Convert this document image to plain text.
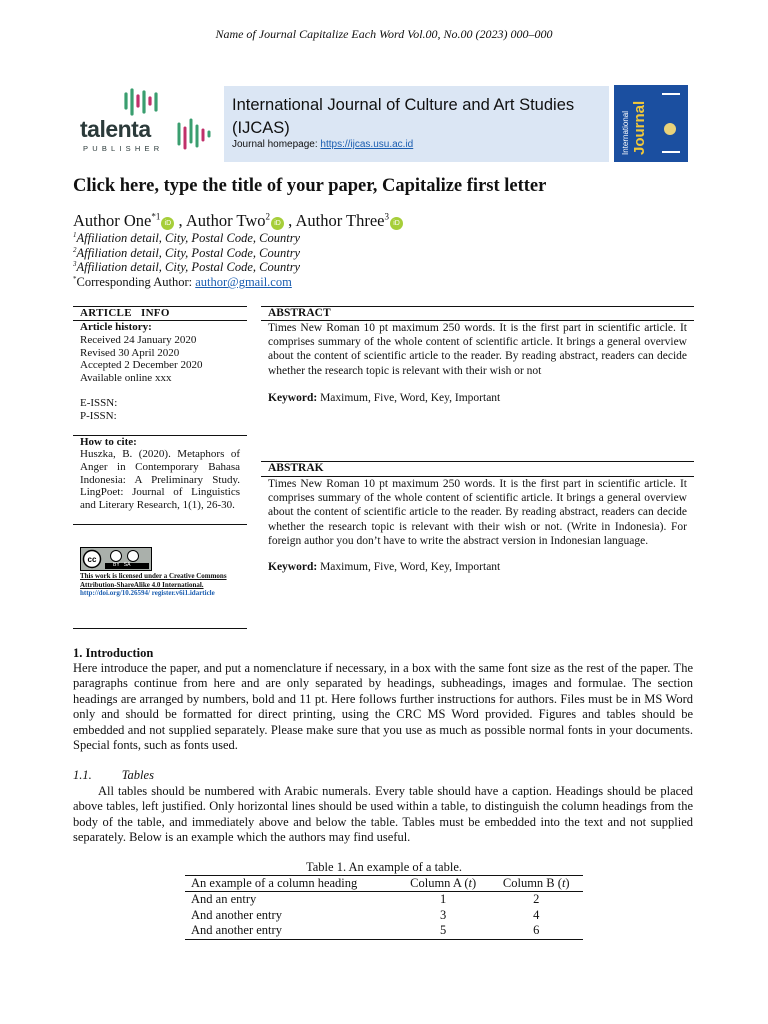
Name of Journal Capitalize Each Word Vol.00, No.00 (2023) 000–000
talenta
PUBLISHER
International Journal of Culture and Art Studies (IJCAS)
Journal homepage: https://ijcas.usu.ac.id	International Journal
Click here, type the title of your paper, Capitalize first letter
Author One$^{*1}$iD , Author Two$^2$iD , Author Three$^3$iD
$^1$Affiliation detail, City, Postal Code, Country
$^2$Affiliation detail, City, Postal Code, Country
$^3$Affiliation detail, City, Postal Code, Country
*Corresponding Author: author@gmail.com
ARTICLE   INFO
Article history:
Received 24 January 2020
Revised 30 April 2020
Accepted 2 December 2020
Available online xxx
E-ISSN:
P-ISSN:
How to cite:
Huszka, B. (2020). Metaphors of Anger in Contemporary Bahasa Indonesia: A Preliminary Study. LingPoet: Journal of Linguistics and Literary Research, 1(1), 26-30.
cc
BY   SA
This work is licensed under a Creative Commons Attribution-ShareAlike 4.0 International.
http://doi.org/10.26594/ register.v6i1.idarticle
ABSTRACT
Times New Roman 10 pt maximum 250 words. It is the first part in scientific article. It comprises summary of the whole content of scientific article. It brings a general overview about the content of scientific article to the reader. By reading abstract, readers can decide whether the research topic is relevant with their wish or not
Keyword: Maximum, Five, Word, Key, Important
ABSTRAK
Times New Roman 10 pt maximum 250 words. It is the first part in scientific article. It comprises summary of the whole content of scientific article. It brings a general overview about the content of scientific article to the reader. By reading abstract, readers can decide whether the research topic is relevant with their wish or not. (Write in Indonesia). For foreign author you don’t have to write the abstract version in Indonesian language.
Keyword: Maximum, Five, Word, Key, Important
1. Introduction
Here introduce the paper, and put a nomenclature if necessary, in a box with the same font size as the rest of the paper. The paragraphs continue from here and are only separated by headings, subheadings, images and formulae. The section headings are arranged by numbers, bold and 11 pt. Here follows further instructions for authors. Files must be in MS Word only and should be formatted for direct printing, using the CRC MS Word provided. Figures and tables should be embedded and not supplied separately. Please make sure that you use as much as possible normal fonts in your documents. Special fonts, such as fonts used.
1.1. Tables
All tables should be numbered with Arabic numerals. Every table should have a caption. Headings should be placed above tables, left justified. Only horizontal lines should be used within a table, to distinguish the column headings from the body of the table, and immediately above and below the table. Tables must be embedded into the text and not supplied separately. Below is an example which the authors may find useful.
Table 1. An example of a table.
An example of a column heading	Column A (t)	Column B (t)
And an entry	1	2
And another entry	3	4
And another entry	5	6
